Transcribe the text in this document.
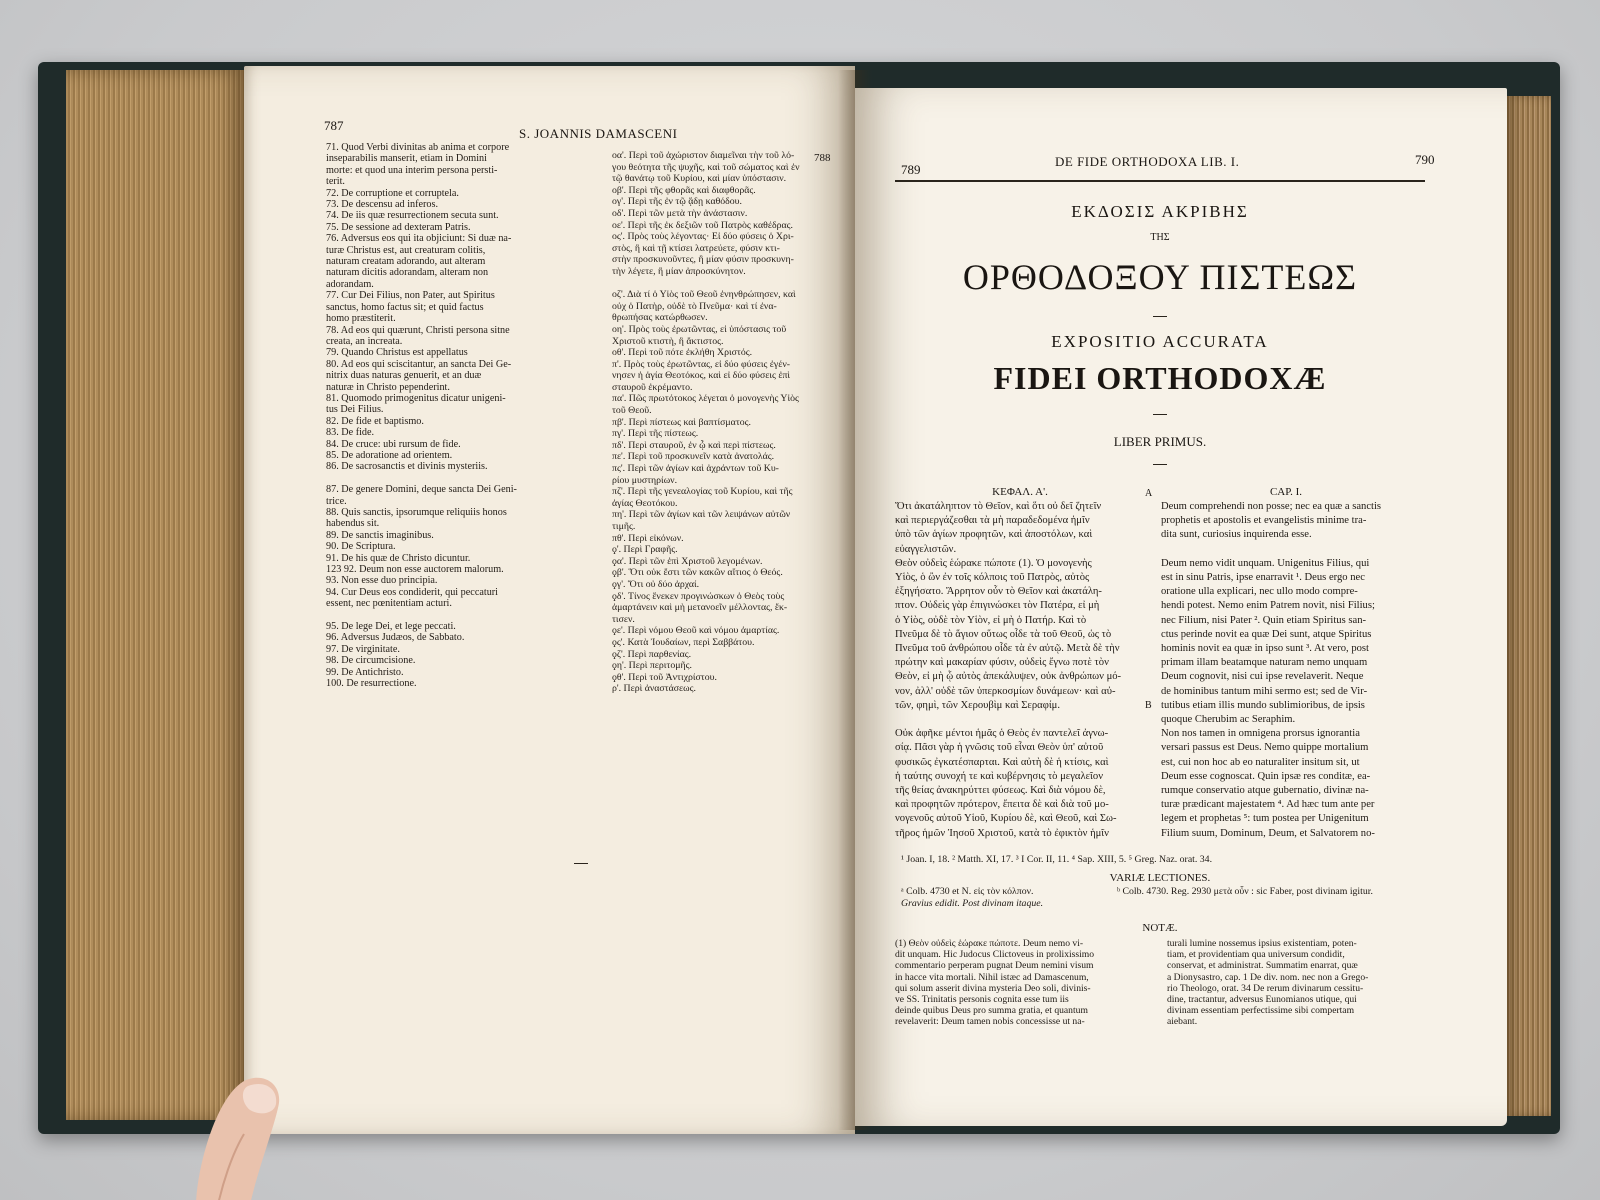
787
S. JOANNIS DAMASCENI
788
71. Quod Verbi divinitas ab anima et corpore
inseparabilis manserit, etiam in Domini
morte: et quod una interim persona persti-
terit.
72. De corruptione et corruptela.
73. De descensu ad inferos.
74. De iis quæ resurrectionem secuta sunt.
75. De sessione ad dexteram Patris.
76. Adversus eos qui ita objiciunt: Si duæ na-
turæ Christus est, aut creaturam colitis,
naturam creatam adorando, aut alteram
naturam dicitis adorandam, alteram non
adorandam.
77. Cur Dei Filius, non Pater, aut Spiritus
sanctus, homo factus sit; et quid factus
homo præstiterit.
78. Ad eos qui quærunt, Christi persona sitne
creata, an increata.
79. Quando Christus est appellatus
80. Ad eos qui sciscitantur, an sancta Dei Ge-
nitrix duas naturas genuerit, et an duæ
naturæ in Christo pependerint.
81. Quomodo primogenitus dicatur unigeni-
tus Dei Filius.
82. De fide et baptismo.
83. De fide.
84. De cruce: ubi rursum de fide.
85. De adoratione ad orientem.
86. De sacrosanctis et divinis mysteriis.

87. De genere Domini, deque sancta Dei Geni-
trice.
88. Quis sanctis, ipsorumque reliquiis honos
habendus sit.
89. De sanctis imaginibus.
90. De Scriptura.
91. De his quæ de Christo dicuntur.
123 92. Deum non esse auctorem malorum.
93. Non esse duo principia.
94. Cur Deus eos condiderit, qui peccaturi
essent, nec pœnitentiam acturi.

95. De lege Dei, et lege peccati.
96. Adversus Judæos, de Sabbato.
97. De virginitate.
98. De circumcisione.
99. De Antichristo.
100. De resurrectione.
οα'. Περὶ τοῦ ἀχώριστον διαμεῖναι τὴν τοῦ λό-
γου θεότητα τῆς ψυχῆς, καὶ τοῦ σώματος καὶ ἐν
τῷ θανάτῳ τοῦ Κυρίου, καὶ μίαν ὑπόστασιν.
οβ'. Περὶ τῆς φθορᾶς καὶ διαφθορᾶς.
ογ'. Περὶ τῆς ἐν τῷ ᾅδῃ καθόδου.
οδ'. Περὶ τῶν μετὰ τὴν ἀνάστασιν.
οε'. Περὶ τῆς ἐκ δεξιῶν τοῦ Πατρὸς καθέδρας.
ος'. Πρὸς τοὺς λέγοντας· Εἰ δύο φύσεις ὁ Χρι-
στὸς, ἢ καὶ τῇ κτίσει λατρεύετε, φύσιν κτι-
στὴν προσκυνοῦντες, ἢ μίαν φύσιν προσκυνη-
τὴν λέγετε, ἢ μίαν ἀπροσκύνητον.

οζ'. Διὰ τί ὁ Υἱὸς τοῦ Θεοῦ ἐνηνθρώπησεν, καὶ
οὐχ ὁ Πατὴρ, οὐδὲ τὸ Πνεῦμα· καὶ τί ἐνα-
θρωπήσας κατώρθωσεν.
οη'. Πρὸς τοὺς ἐρωτῶντας, εἰ ὑπόστασις τοῦ
Χριστοῦ κτιστὴ, ἢ ἄκτιστος.
οθ'. Περὶ τοῦ πότε ἐκλήθη Χριστός.
π'. Πρὸς τοὺς ἐρωτῶντας, εἰ δύο φύσεις ἐγέν-
νησεν ἡ ἁγία Θεοτόκος, καὶ εἰ δύο φύσεις ἐπὶ
σταυροῦ ἐκρέμαντο.
πα'. Πῶς πρωτότοκος λέγεται ὁ μονογενὴς Υἱὸς
τοῦ Θεοῦ.
πβ'. Περὶ πίστεως καὶ βαπτίσματος.
πγ'. Περὶ τῆς πίστεως.
πδ'. Περὶ σταυροῦ, ἐν ᾧ καὶ περὶ πίστεως.
πε'. Περὶ τοῦ προσκυνεῖν κατὰ ἀνατολάς.
πς'. Περὶ τῶν ἁγίων καὶ ἀχράντων τοῦ Κυ-
ρίου μυστηρίων.
πζ'. Περὶ τῆς γενεαλογίας τοῦ Κυρίου, καὶ τῆς
ἁγίας Θεοτόκου.
πη'. Περὶ τῶν ἁγίων καὶ τῶν λειψάνων αὐτῶν
τιμῆς.
πθ'. Περὶ εἰκόνων.
ϙ'. Περὶ Γραφῆς.
ϙα'. Περὶ τῶν ἐπὶ Χριστοῦ λεγομένων.
ϙβ'. Ὅτι οὐκ ἔστι τῶν κακῶν αἴτιος ὁ Θεός.
ϙγ'. Ὅτι οὐ δύο ἀρχαί.
ϙδ'. Τίνος ἕνεκεν προγινώσκων ὁ Θεὸς τοὺς
ἁμαρτάνειν καὶ μὴ μετανοεῖν μέλλοντας, ἔκ-
τισεν.
ϙε'. Περὶ νόμου Θεοῦ καὶ νόμου ἁμαρτίας.
ϙς'. Κατὰ Ἰουδαίων, περὶ Σαββάτου.
ϙζ'. Περὶ παρθενίας.
ϙη'. Περὶ περιτομῆς.
ϙθ'. Περὶ τοῦ Ἀντιχρίστου.
ρ'. Περὶ ἀναστάσεως.
789
DE FIDE ORTHODOXA LIB. I.	790
ΕΚΔΟΣΙΣ ΑΚΡΙΒΗΣ
ΤΗΣ
ΟΡΘΟΔΟΞΟΥ ΠΙΣΤΕΩΣ
EXPOSITIO ACCURATA
FIDEI ORTHODOXÆ
LIBER PRIMUS.
ΚΕΦΑΛ. Α'.	A	CAP. I.
Ὅτι ἀκατάληπτον τὸ Θεῖον, καὶ ὅτι οὐ δεῖ ζητεῖν
καὶ περιεργάζεσθαι τὰ μὴ παραδεδομένα ἡμῖν
ὑπὸ τῶν ἁγίων προφητῶν, καὶ ἀποστόλων, καὶ
εὐαγγελιστῶν.
Θεὸν οὐδεὶς ἑώρακε πώποτε (1). Ὁ μονογενὴς
Υἱὸς, ὁ ὢν ἐν τοῖς κόλποις τοῦ Πατρὸς, αὐτὸς
ἐξηγήσατο. Ἄρρητον οὖν τὸ Θεῖον καὶ ἀκατάλη-
πτον. Οὐδεὶς γὰρ ἐπιγινώσκει τὸν Πατέρα, εἰ μὴ
ὁ Υἱὸς, οὐδὲ τὸν Υἱὸν, εἰ μὴ ὁ Πατήρ. Καὶ τὸ
Πνεῦμα δὲ τὸ ἅγιον οὕτως οἶδε τὰ τοῦ Θεοῦ, ὡς τὸ
Πνεῦμα τοῦ ἀνθρώπου οἶδε τὰ ἐν αὐτῷ. Μετὰ δὲ τὴν
πρώτην καὶ μακαρίαν φύσιν, οὐδεὶς ἔγνω ποτὲ τὸν
Θεὸν, εἰ μὴ ᾧ αὐτὸς ἀπεκάλυψεν, οὐκ ἀνθρώπων μό-
νον, ἀλλ' οὐδὲ τῶν ὑπερκοσμίων δυνάμεων· καὶ αὐ-
τῶν, φημὶ, τῶν Χερουβὶμ καὶ Σεραφίμ.

Οὐκ ἀφῆκε μέντοι ἡμᾶς ὁ Θεὸς ἐν παντελεῖ ἀγνω-
σίᾳ. Πᾶσι γὰρ ἡ γνῶσις τοῦ εἶναι Θεὸν ὑπ' αὐτοῦ
φυσικῶς ἐγκατέσπαρται. Καὶ αὐτὴ δὲ ἡ κτίσις, καὶ
ἡ ταύτης συνοχή τε καὶ κυβέρνησις τὸ μεγαλεῖον
τῆς θείας ἀνακηρύττει φύσεως. Καὶ διὰ νόμου δὲ,
καὶ προφητῶν πρότερον, ἔπειτα δὲ καὶ διὰ τοῦ μο-
νογενοῦς αὐτοῦ Υἱοῦ, Κυρίου δὲ, καὶ Θεοῦ, καὶ Σω-
τῆρος ἡμῶν Ἰησοῦ Χριστοῦ, κατὰ τὸ ἐφικτὸν ἡμῖν
B
Deum comprehendi non posse; nec ea quæ a sanctis
prophetis et apostolis et evangelistis minime tra-
dita sunt, curiosius inquirenda esse.

Deum nemo vidit unquam. Unigenitus Filius, qui
est in sinu Patris, ipse enarravit ¹. Deus ergo nec
oratione ulla explicari, nec ullo modo compre-
hendi potest. Nemo enim Patrem novit, nisi Filius;
nec Filium, nisi Pater ². Quin etiam Spiritus san-
ctus perinde novit ea quæ Dei sunt, atque Spiritus
hominis novit ea quæ in ipso sunt ³. At vero, post
primam illam beatamque naturam nemo unquam
Deum cognovit, nisi cui ipse revelaverit. Neque
de hominibus tantum mihi sermo est; sed de Vir-
tutibus etiam illis mundo sublimioribus, de ipsis
quoque Cherubim ac Seraphim.
Non nos tamen in omnigena prorsus ignorantia
versari passus est Deus. Nemo quippe mortalium
est, cui non hoc ab eo naturaliter insitum sit, ut
Deum esse cognoscat. Quin ipsæ res conditæ, ea-
rumque conservatio atque gubernatio, divinæ na-
turæ prædicant majestatem ⁴. Ad hæc tum ante per
legem et prophetas ⁵: tum postea per Unigenitum
Filium suum, Dominum, Deum, et Salvatorem no-
¹ Joan. I, 18. ² Matth. XI, 17. ³ I Cor. II, 11. ⁴ Sap. XIII, 5. ⁵ Greg. Naz. orat. 34.
VARIÆ LECTIONES.
ᵃ Colb. 4730 et N. εἰς τὸν κόλπον.
Gravius edidit. Post divinam itaque.
ᵇ Colb. 4730. Reg. 2930 μετὰ οὖν : sic Faber, post divinam igitur.
NOTÆ.
(1) Θεὸν οὐδεὶς ἑώρακε πώποτε. Deum nemo vi-
dit unquam. Hic Judocus Clictoveus in prolixissimo
commentario perperam pugnat Deum nemini visum
in hacce vita mortali. Nihil istæc ad Damascenum,
qui solum asserit divina mysteria Deo soli, divinis-
ve SS. Trinitatis personis cognita esse tum iis
deinde quibus Deus pro summa gratia, et quantum
revelaverit: Deum tamen nobis concessisse ut na-
turali lumine nossemus ipsius existentiam, poten-
tiam, et providentiam qua universum condidit,
conservat, et administrat. Summatim enarrat, quæ
a Dionysastro, cap. 1 De div. nom. nec non a Grego-
rio Theologo, orat. 34 De rerum divinarum cessitu-
dine, tractantur, adversus Eunomianos utique, qui
divinam essentiam perfectissime sibi compertam
aiebant.
